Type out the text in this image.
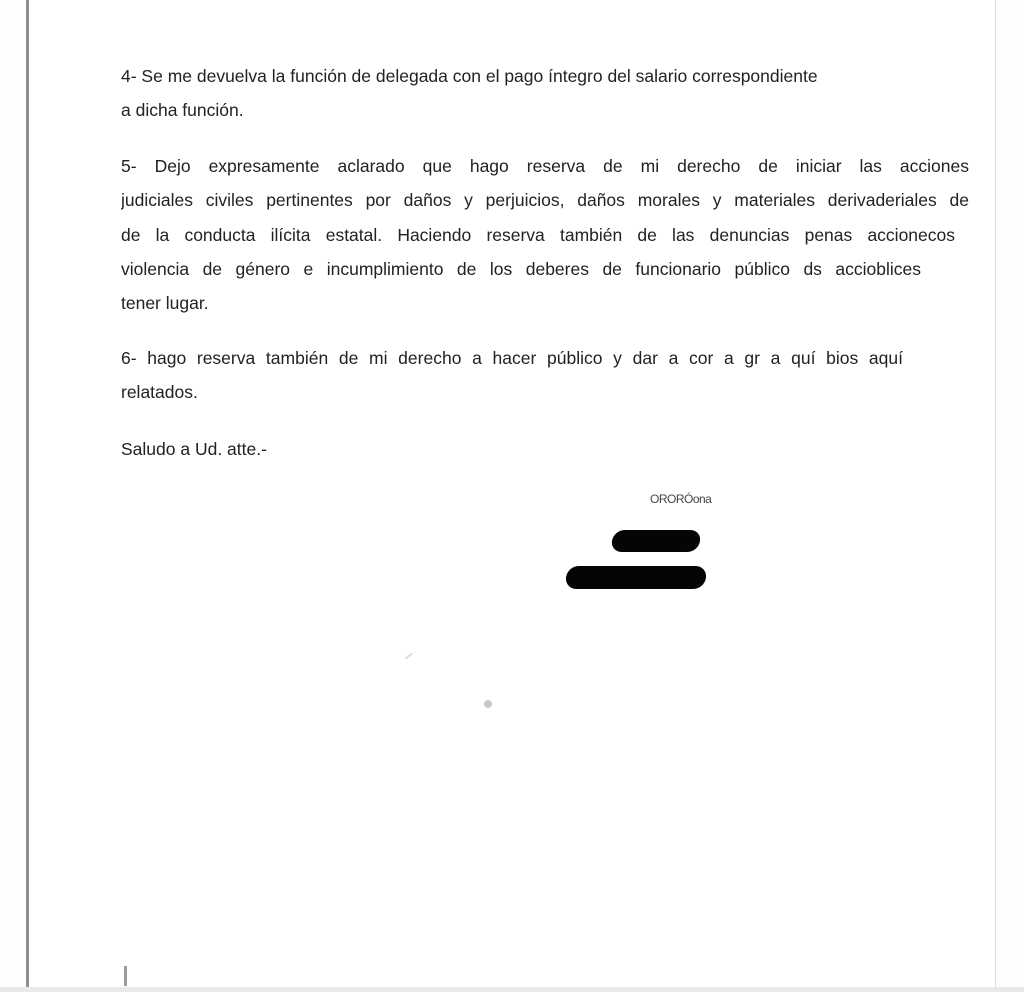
4- Se me devuelva la función de delegada con el pago íntegro del salario correspondiente

a dicha función.

5- Dejo expresamente aclarado que hago reserva de mi derecho de iniciar las acciones

judiciales civiles pertinentes por daños y perjuicios, daños morales y materiales derivaderiales de

de la conducta ilícita estatal. Haciendo reserva también de las denuncias penas accionecos

violencia de género e incumplimiento de los deberes de funcionario público ds accioblices

tener lugar.

6- hago reserva también de mi derecho a hacer público y dar a cor a gr a quí bios aquí

relatados.

Saludo a Ud. atte.-

ORORÓona
